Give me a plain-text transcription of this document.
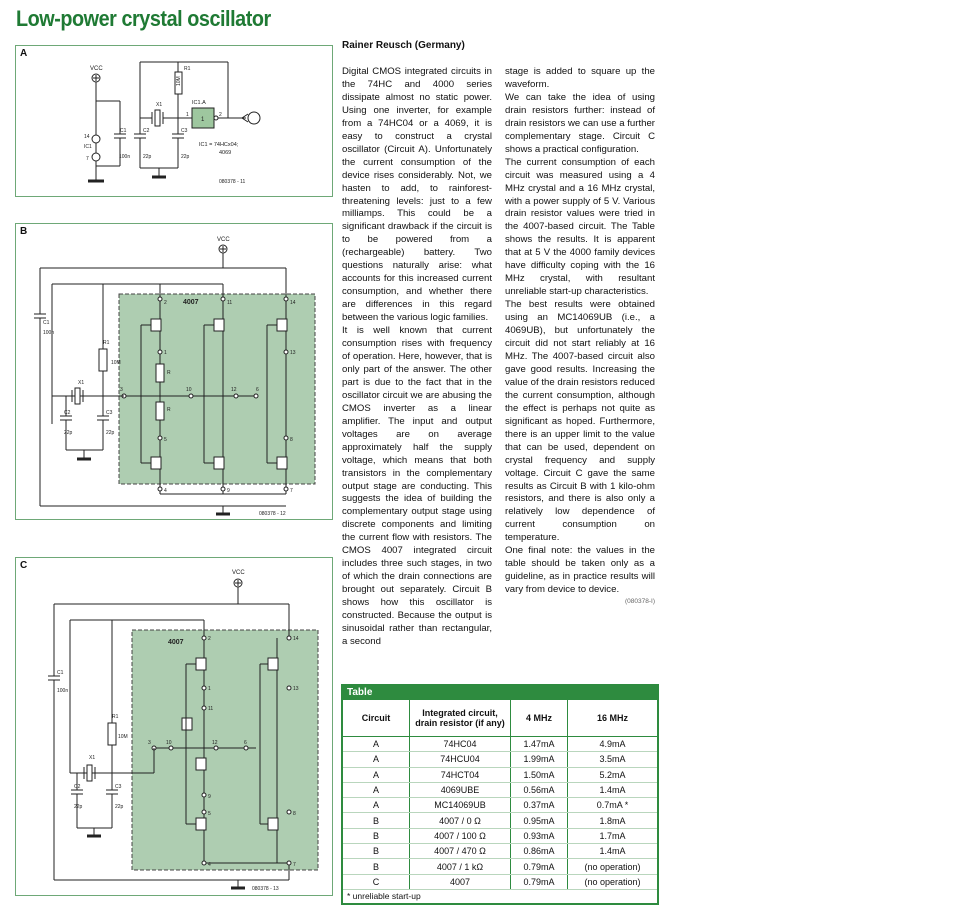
Low-power crystal oscillator
A
VCC
14
IC1
7
C1
100n
10M
R1
X1
C2
22p
C3
22p
1
IC1.A
1	2
IC1 = 74HCx04;
4069
080378 - 11
B
4007
VCC
C1
100n
R
R
2	11	14
1	13
3	10	12	6
5	8
4	9	7
R1
10M
X1
C2
22p
C3
22p
080378 - 12
C
4007
VCC
C1
100n
2	14
1	13
11
3	10	12	6
9
5	8
4	7
R1
10M
X1
C2
22p
C3
22p
080378 - 13
Rainer Reusch (Germany)

Digital CMOS integrated circuits in the 74HC and 4000 series dissipate almost no static power. Using one inverter, for example from a 74HC04 or a 4069, it is easy to construct a crystal oscillator (Circuit A). Unfortunately the current consumption of the device rises considerably. Not, we hasten to add, to rainforest-threatening levels: just to a few milliamps. This could be a significant drawback if the circuit is to be powered from a (rechargeable) battery. Two questions naturally arise: what accounts for this increased current consumption, and whether there are differences in this regard between the various logic families.

It is well known that current consumption rises with frequency of operation. Here, however, that is only part of the answer. The other part is due to the fact that in the oscillator circuit we are abusing the CMOS inverter as a linear amplifier. The input and output voltages are on average approximately half the supply voltage, which means that both transistors in the complementary output stage are conducting. This suggests the idea of building the complementary output stage using discrete components and limiting the current flow with resistors. The CMOS 4007 integrated circuit includes three such stages, in two of which the drain connections are brought out separately. Circuit B shows how this oscillator is constructed. Because the output is sinusoidal rather than rectangular, a second

stage is added to square up the waveform.

We can take the idea of using drain resistors further: instead of drain resistors we can use a further complementary stage. Circuit C shows a practical configuration.

The current consumption of each circuit was measured using a 4 MHz crystal and a 16 MHz crystal, with a power supply of 5 V. Various drain resistor values were tried in the 4007-based circuit. The Table shows the results. It is apparent that at 5 V the 4000 family devices have difficulty coping with the 16 MHz crystal, with resultant unreliable start-up characteristics.

The best results were obtained using an MC14069UB (i.e., a 4069UB), but unfortunately the circuit did not start reliably at 16 MHz. The 4007-based circuit also gave good results. Increasing the value of the drain resistors reduced the current consumption, although the effect is perhaps not quite as significant as hoped. Furthermore, there is an upper limit to the value that can be used, dependent on crystal frequency and supply voltage. Circuit C gave the same results as Circuit B with 1 kilo-ohm resistors, and there is also only a relatively low dependence of current consumption on temperature.

One final note: the values in the table should be taken only as a guideline, as in practice results will vary from device to device.

(080378-I)
Table
Circuit	Integrated circuit, drain resistor (if any)	4 MHz	16 MHz
A	74HC04	1.47mA	4.9mA
A	74HCU04	1.99mA	3.5mA
A	74HCT04	1.50mA	5.2mA
A	4069UBE	0.56mA	1.4mA
A	MC14069UB	0.37mA	0.7mA *
B	4007 / 0 Ω	0.95mA	1.8mA
B	4007 / 100 Ω	0.93mA	1.7mA
B	4007 / 470 Ω	0.86mA	1.4mA
B	4007 / 1 kΩ	0.79mA	(no operation)
C	4007	0.79mA	(no operation)
* unreliable start-up
